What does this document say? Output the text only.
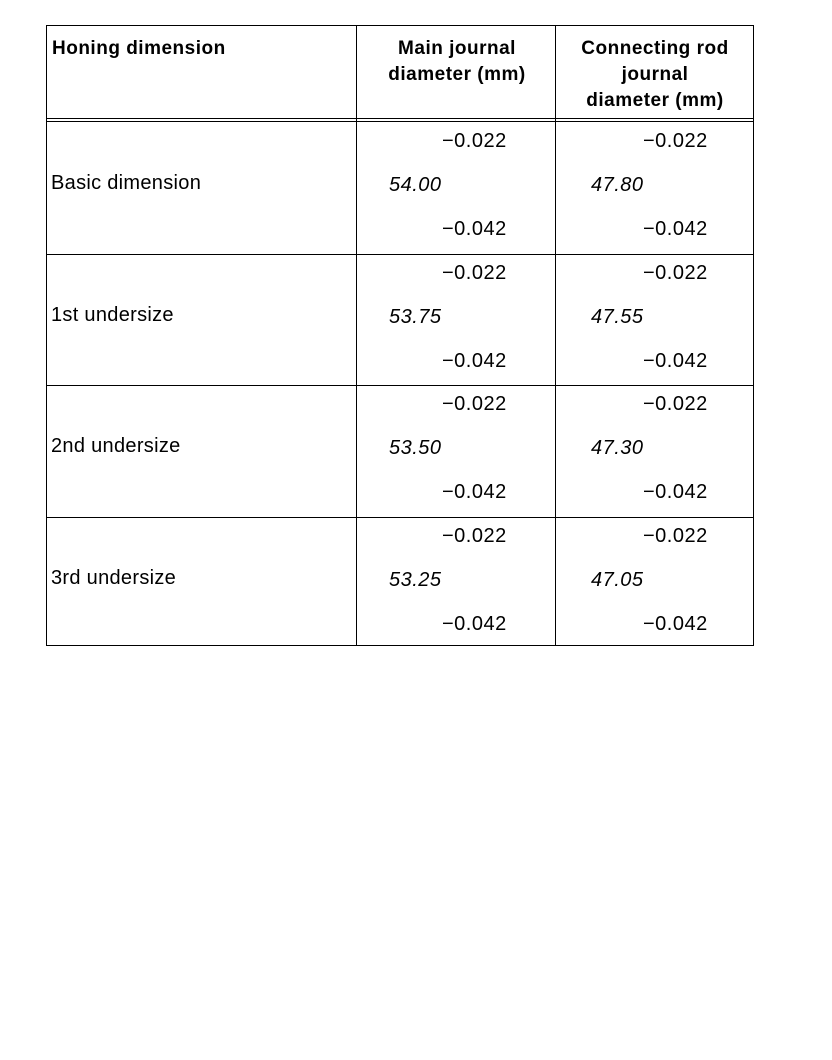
Honing dimension	Main journal
diameter (mm)
Connecting rod
journal
diameter (mm)
Basic dimension
−0.022
54.00
−0.042
−0.022
47.80
−0.042
1st undersize
−0.022
53.75
−0.042
−0.022
47.55
−0.042
2nd undersize
−0.022
53.50
−0.042
−0.022
47.30
−0.042
3rd undersize
−0.022
53.25
−0.042
−0.022
47.05
−0.042
